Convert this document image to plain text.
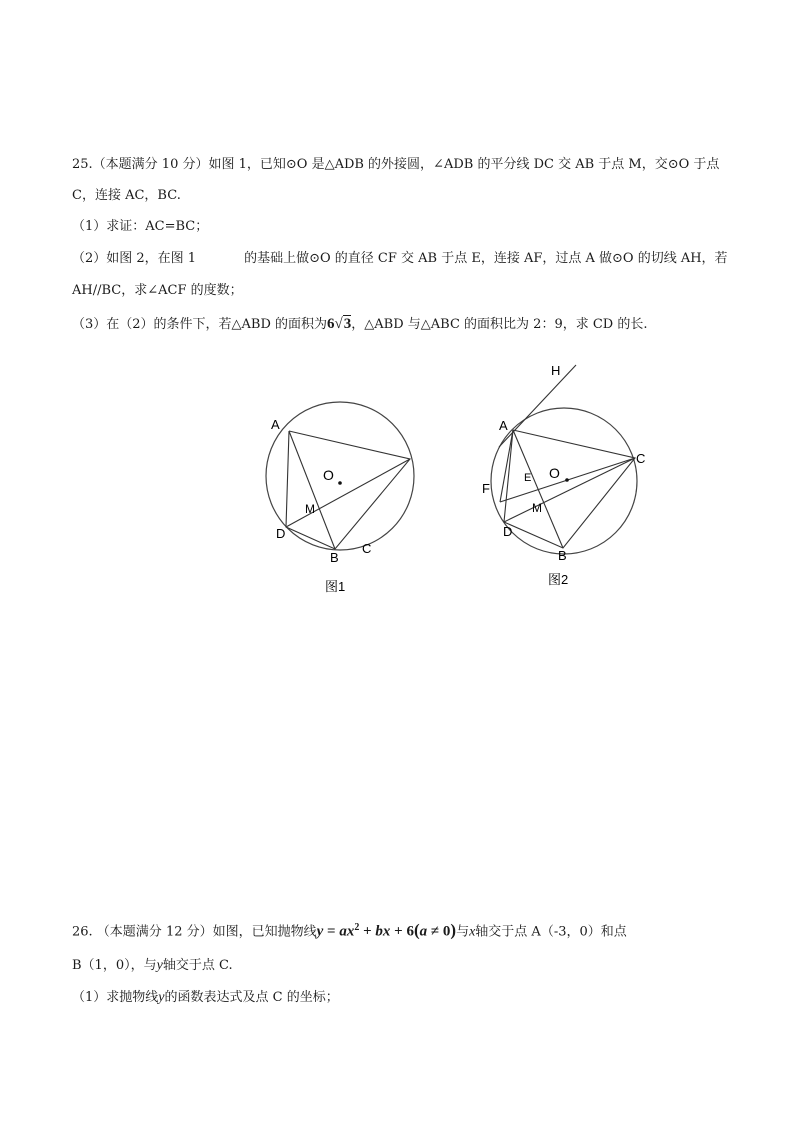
25.（本题满分 10 分）如图 1，已知⊙O 是△ADB 的外接圆，∠ADB 的平分线 DC 交 AB 于点 M，交⊙O 于点
C，连接 AC，BC.
（1）求证：AC=BC；
（2）如图 2，在图 1	的基础上做⊙O 的直径 CF 交 AB 于点 E，连接 AF，过点 A 做⊙O 的切线 AH，若
AH//BC，求∠ACF 的度数；
（3）在（2）的条件下，若△ABD 的面积为6√3，△ABD 与△ABC 的面积比为 2：9，求 CD 的长.
A
O
M
D
B
C
图1
H
A
C
E O
F
M
D
B
图2
26. （本题满分 12 分）如图，已知抛物线$y = ax^2$ + bx + 6(a ≠ 0)与x轴交于点 A（-3，0）和点
B（1，0），与y轴交于点 C.
（1）求抛物线y的函数表达式及点 C 的坐标；
